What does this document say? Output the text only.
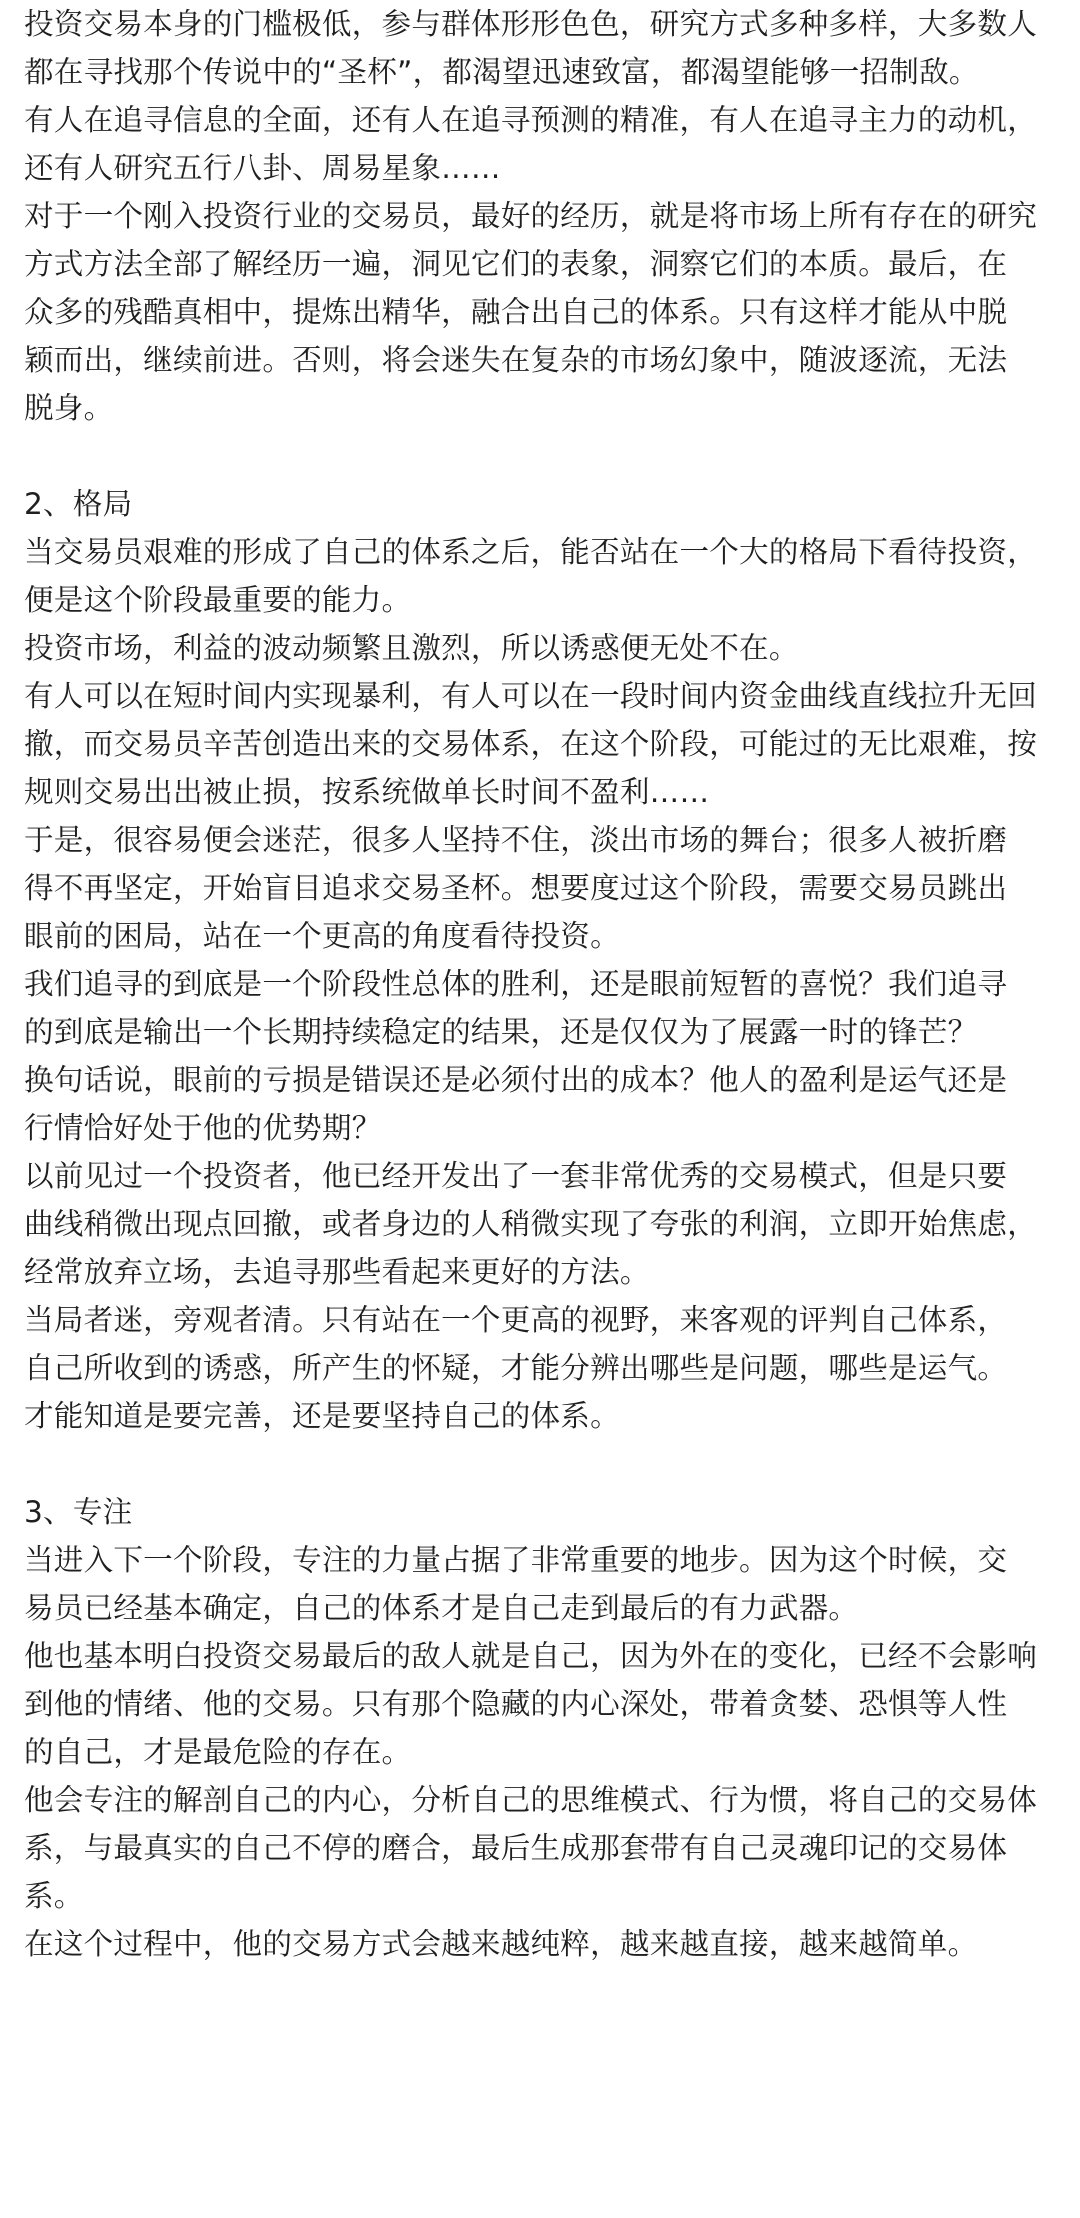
投资交易本身的门槛极低，参与群体形形色色，研究方式多种多样，大多数人
都在寻找那个传说中的“圣杯”，都渴望迅速致富，都渴望能够一招制敌。
有人在追寻信息的全面，还有人在追寻预测的精准，有人在追寻主力的动机，
还有人研究五行八卦、周易星象……
对于一个刚入投资行业的交易员，最好的经历，就是将市场上所有存在的研究
方式方法全部了解经历一遍，洞见它们的表象，洞察它们的本质。最后，在
众多的残酷真相中，提炼出精华，融合出自己的体系。只有这样才能从中脱
颖而出，继续前进。否则，将会迷失在复杂的市场幻象中，随波逐流，无法
脱身。
2、格局
当交易员艰难的形成了自己的体系之后，能否站在一个大的格局下看待投资，
便是这个阶段最重要的能力。
投资市场，利益的波动频繁且激烈，所以诱惑便无处不在。
有人可以在短时间内实现暴利，有人可以在一段时间内资金曲线直线拉升无回
撤，而交易员辛苦创造出来的交易体系，在这个阶段，可能过的无比艰难，按
规则交易出出被止损，按系统做单长时间不盈利……
于是，很容易便会迷茫，很多人坚持不住，淡出市场的舞台；很多人被折磨
得不再坚定，开始盲目追求交易圣杯。想要度过这个阶段，需要交易员跳出
眼前的困局，站在一个更高的角度看待投资。
我们追寻的到底是一个阶段性总体的胜利，还是眼前短暂的喜悦？我们追寻
的到底是输出一个长期持续稳定的结果，还是仅仅为了展露一时的锋芒？
换句话说，眼前的亏损是错误还是必须付出的成本？他人的盈利是运气还是
行情恰好处于他的优势期？
以前见过一个投资者，他已经开发出了一套非常优秀的交易模式，但是只要
曲线稍微出现点回撤，或者身边的人稍微实现了夸张的利润，立即开始焦虑，
经常放弃立场，去追寻那些看起来更好的方法。
当局者迷，旁观者清。只有站在一个更高的视野，来客观的评判自己体系，
自己所收到的诱惑，所产生的怀疑，才能分辨出哪些是问题，哪些是运气。
才能知道是要完善，还是要坚持自己的体系。
3、专注
当进入下一个阶段，专注的力量占据了非常重要的地步。因为这个时候，交
易员已经基本确定，自己的体系才是自己走到最后的有力武器。
他也基本明白投资交易最后的敌人就是自己，因为外在的变化，已经不会影响
到他的情绪、他的交易。只有那个隐藏的内心深处，带着贪婪、恐惧等人性
的自己，才是最危险的存在。
他会专注的解剖自己的内心，分析自己的思维模式、行为惯，将自己的交易体
系，与最真实的自己不停的磨合，最后生成那套带有自己灵魂印记的交易体
系。
在这个过程中，他的交易方式会越来越纯粹，越来越直接，越来越简单。
